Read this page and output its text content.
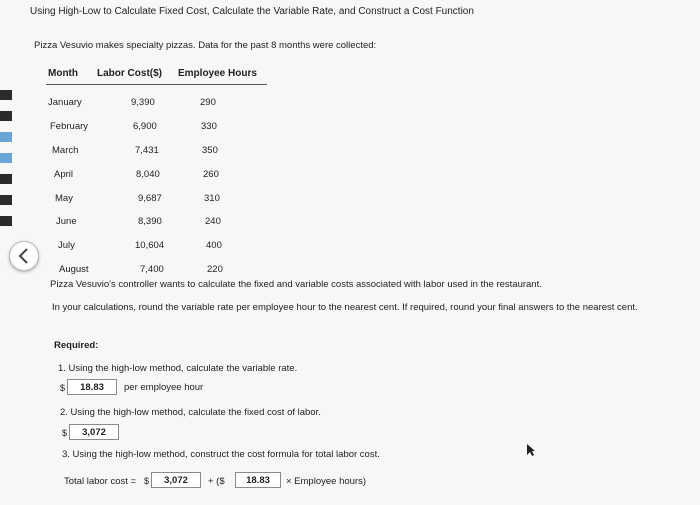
Using High-Low to Calculate Fixed Cost, Calculate the Variable Rate, and Construct a Cost Function
Pizza Vesuvio makes specialty pizzas. Data for the past 8 months were collected:
Month Labor Cost($) Employee Hours
January	9,390	290
February	6,900	330
March	7,431	350
April	8,040	260
May	9,687	310
June	8,390	240
July	10,604	400
August	7,400	220
Pizza Vesuvio's controller wants to calculate the fixed and variable costs associated with labor used in the restaurant.
In your calculations, round the variable rate per employee hour to the nearest cent. If required, round your final answers to the nearest cent.
Required:
1. Using the high-low method, calculate the variable rate.
$	18.83	per employee hour
2. Using the high-low method, calculate the fixed cost of labor.
$	3,072
3. Using the high-low method, construct the cost formula for total labor cost.
Total labor cost = $	3,072	+ ($	18.83	× Employee hours)
